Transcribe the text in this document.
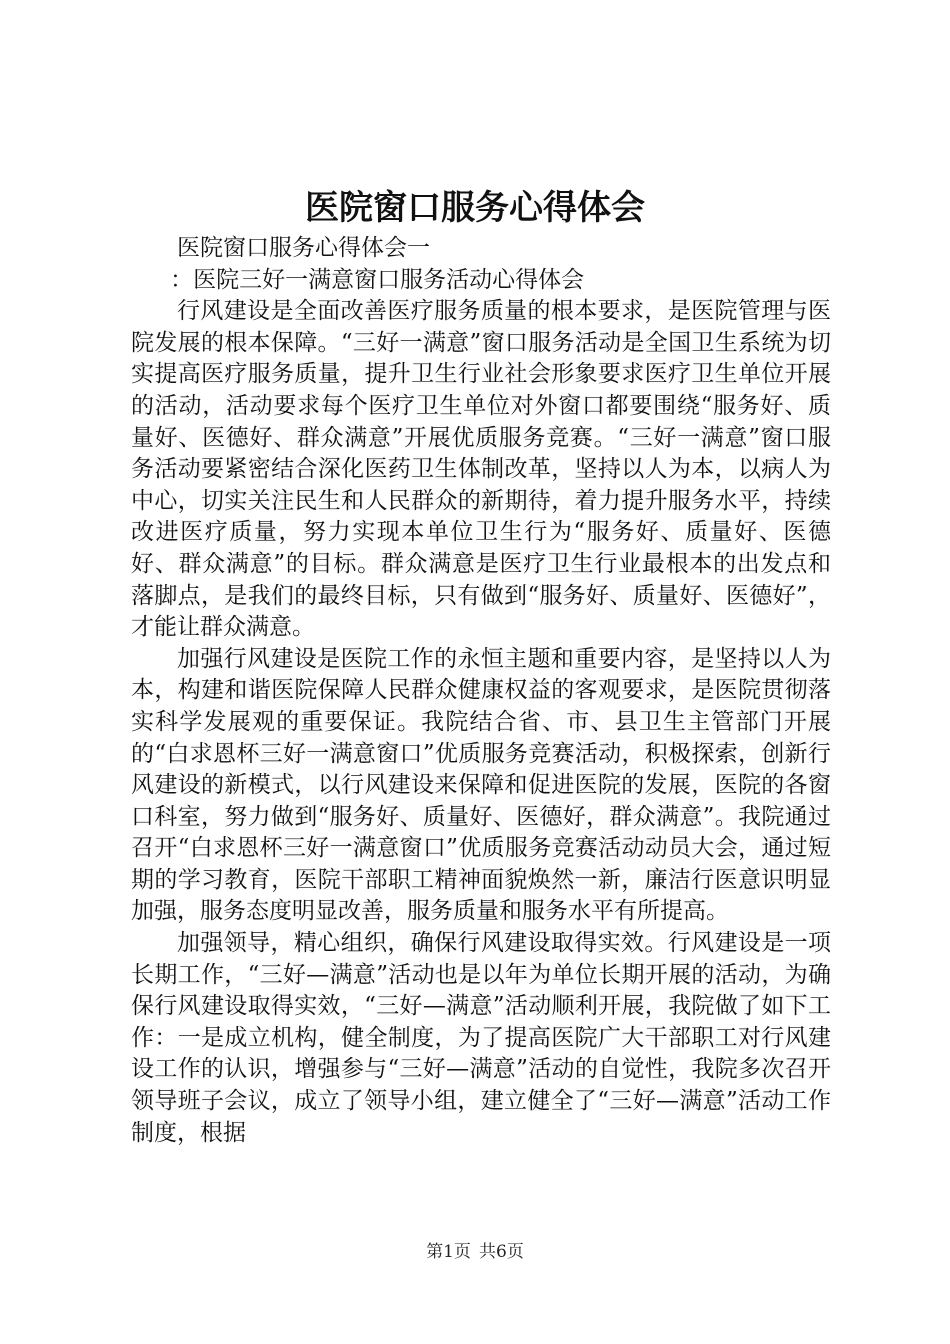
医院窗口服务心得体会

医院窗口服务心得体会一

：医院三好一满意窗口服务活动心得体会

行风建设是全面改善医疗服务质量的根本要求，是医院管理与医院发展的根本保障。“三好一满意”窗口服务活动是全国卫生系统为切实提高医疗服务质量，提升卫生行业社会形象要求医疗卫生单位开展的活动，活动要求每个医疗卫生单位对外窗口都要围绕“服务好、质量好、医德好、群众满意”开展优质服务竞赛。“三好一满意”窗口服务活动要紧密结合深化医药卫生体制改革，坚持以人为本，以病人为中心，切实关注民生和人民群众的新期待，着力提升服务水平，持续改进医疗质量，努力实现本单位卫生行为“服务好、质量好、医德好、群众满意”的目标。群众满意是医疗卫生行业最根本的出发点和落脚点，是我们的最终目标，只有做到“服务好、质量好、医德好”，才能让群众满意。

加强行风建设是医院工作的永恒主题和重要内容，是坚持以人为本，构建和谐医院保障人民群众健康权益的客观要求，是医院贯彻落实科学发展观的重要保证。我院结合省、市、县卫生主管部门开展的“白求恩杯三好一满意窗口”优质服务竞赛活动，积极探索，创新行风建设的新模式，以行风建设来保障和促进医院的发展，医院的各窗口科室，努力做到“服务好、质量好、医德好，群众满意”。我院通过召开“白求恩杯三好一满意窗口”优质服务竞赛活动动员大会，通过短期的学习教育，医院干部职工精神面貌焕然一新，廉洁行医意识明显加强，服务态度明显改善，服务质量和服务水平有所提高。

加强领导，精心组织，确保行风建设取得实效。行风建设是一项长期工作，“三好—满意”活动也是以年为单位长期开展的活动，为确保行风建设取得实效，“三好—满意”活动顺利开展，我院做了如下工作：一是成立机构，健全制度，为了提高医院广大干部职工对行风建设工作的认识，增强参与“三好—满意”活动的自觉性，我院多次召开领导班子会议，成立了领导小组，建立健全了“三好—满意”活动工作制度，根据

第1页 共6页
